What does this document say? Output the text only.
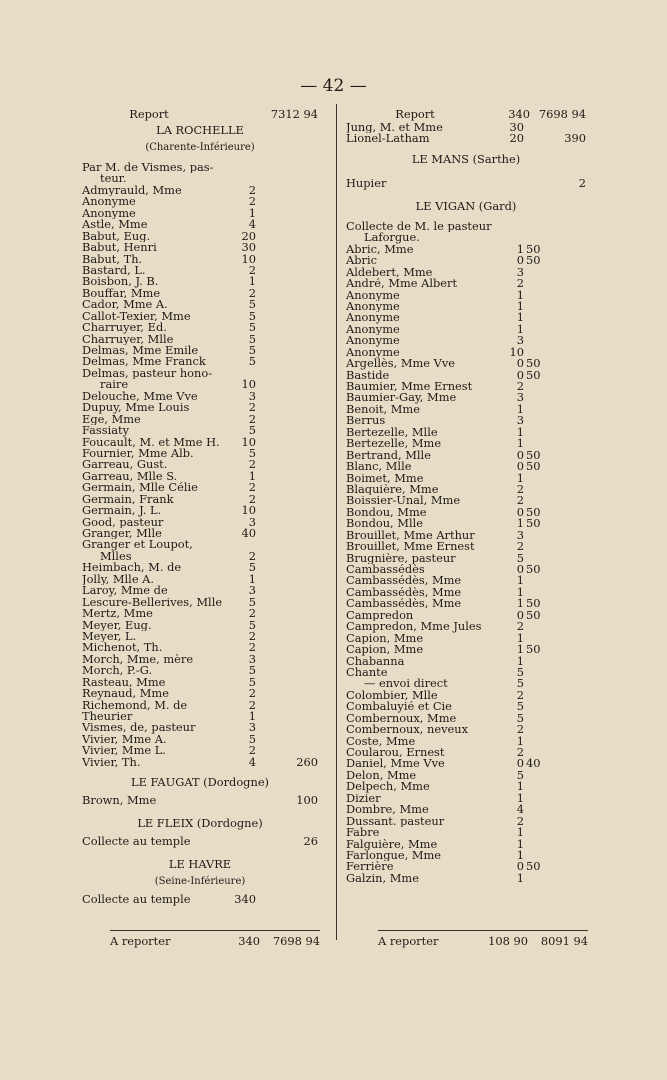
— 42 —
Report	7312 94
LA ROCHELLE
(Charente-Inférieure)
Par M. de Vismes, pas-
teur.
Admyrauld, Mme	2
Anonyme	2
Anonyme	1
Astle, Mme	4
Babut, Eug.	20
Babut, Henri	30
Babut, Th.	10
Bastard, L.	2
Boisbon, J. B.	1
Bouffar, Mme	2
Cador, Mme A.	5
Callot-Texier, Mme	5
Charruyer, Ed.	5
Charruyer, Mlle	5
Delmas, Mme Emile	5
Delmas, Mme Franck	5
Delmas, pasteur hono-
raire	10
Delouche, Mme Vve	3
Dupuy, Mme Louis	2
Ege, Mme	2
Fassiaty	5
Foucault, M. et Mme H.	10
Fournier, Mme Alb.	5
Garreau, Gust.	2
Garreau, Mlle S.	1
Germain, Mlle Célie	2
Germain, Frank	2
Germain, J. L.	10
Good, pasteur	3
Granger, Mlle	40
Granger et Loupot,
Mlles	2
Heimbach, M. de	5
Jolly, Mlle A.	1
Laroy, Mme de	3
Lescure-Bellerives, Mlle	5
Mertz, Mme	2
Meyer, Eug.	5
Meyer, L.	2
Michenot, Th.	2
Morch, Mme, mère	3
Morch, P.-G.	5
Rasteau, Mme	5
Reynaud, Mme	2
Richemond, M. de	2
Theurier	1
Vismes, de, pasteur	3
Vivier, Mme A.	5
Vivier, Mme L.	2
Vivier, Th.	4	260
LE FAUGAT (Dordogne)
Brown, Mme	100
LE FLEIX (Dordogne)
Collecte au temple	26
LE HAVRE
(Seine-Inférieure)
Collecte au temple	340
Report	340 7698 94
Jung, M. et Mme	30
Lionel-Latham	20	390
LE MANS (Sarthe)
Hupier	2
LE VIGAN (Gard)
Collecte de M. le pasteur
Laforgue.
Abric, Mme	1 50
Abric	0 50
Aldebert, Mme	3
André, Mme Albert	2
Anonyme	1
Anonyme	1
Anonyme	1
Anonyme	1
Anonyme	3
Anonyme	10
Argellès, Mme Vve	0 50
Bastide	0 50
Baumier, Mme Ernest	2
Baumier-Gay, Mme	3
Benoit, Mme	1
Berrus	3
Bertezelle, Mlle	1
Bertezelle, Mme	1
Bertrand, Mlle	0 50
Blanc, Mlle	0 50
Boimet, Mme	1
Blaquière, Mme	2
Boissier-Unal, Mme	2
Bondou, Mme	0 50
Bondou, Mlle	1 50
Brouillet, Mme Arthur	3
Brouillet, Mme Ernest	2
Brugnière, pasteur	5
Cambassédès	0 50
Cambassédès, Mme	1
Cambassédès, Mme	1
Cambassédès, Mme	1 50
Campredon	0 50
Campredon, Mme Jules	2
Capion, Mme	1
Capion, Mme	1 50
Chabanna	1
Chante	5
— envoi direct	5
Colombier, Mlle	2
Combaluyié et Cie	5
Combernoux, Mme	5
Combernoux, neveux	2
Coste, Mme	1
Coularou, Ernest	2
Daniel, Mme Vve	0 40
Delon, Mme	5
Delpech, Mme	1
Dizier	1
Dombre, Mme	4
Dussant. pasteur	2
Fabre	1
Falguière, Mme	1
Farlongue, Mme	1
Ferrière	0 50
Galzin, Mme	1
A reporter	340	7698 94	A reporter	108 90	8091 94
